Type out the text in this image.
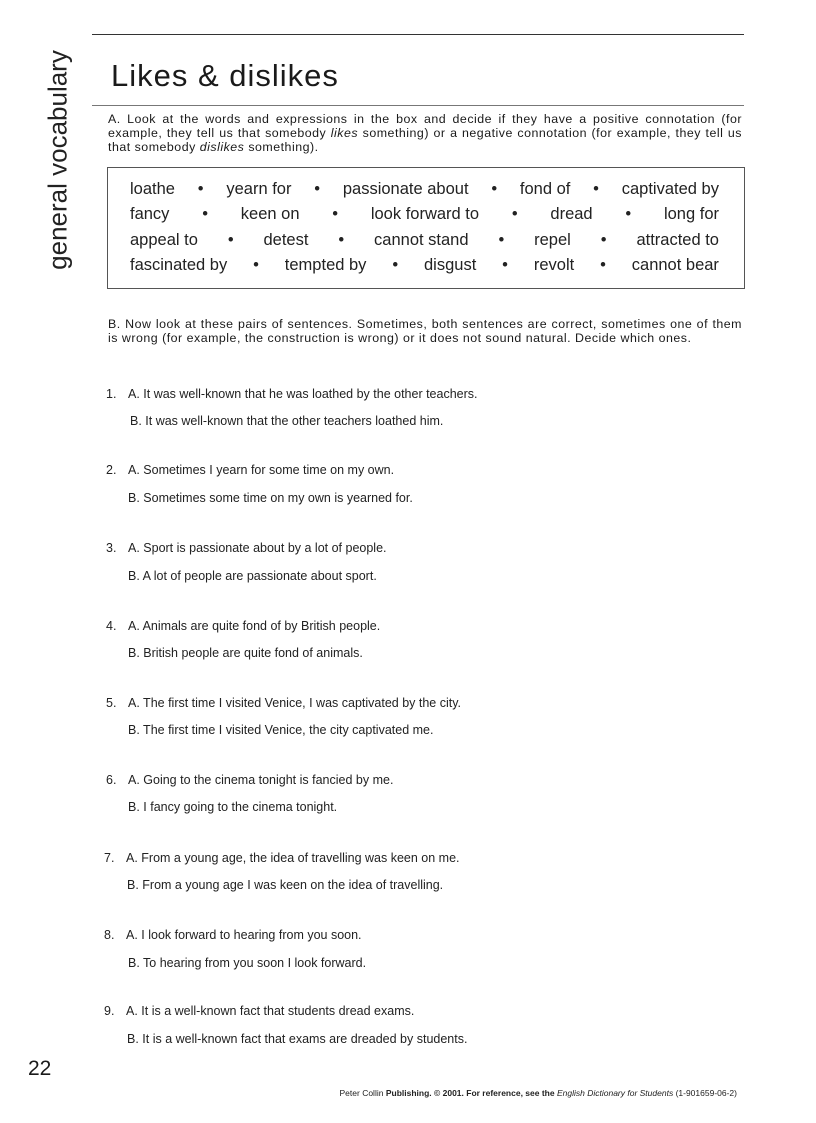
general vocabulary Likes & dislikes

A. Look at the words and expressions in the box and decide if they have a positive connotation (for example, they tell us that somebody likes something) or a negative connotation (for example, they tell us that somebody dislikes something).

loathe • yearn for • passionate about • fond of • captivated by
fancy • keen on • look forward to • dread • long for
appeal to • detest • cannot stand • repel • attracted to
fascinated by • tempted by • disgust • revolt • cannot bear

B. Now look at these pairs of sentences. Sometimes, both sentences are correct, sometimes one of them is wrong (for example, the construction is wrong) or it does not sound natural. Decide which ones.

1. A. It was well-known that he was loathed by the other teachers.
B. It was well-known that the other teachers loathed him.
2. A. Sometimes I yearn for some time on my own.
B. Sometimes some time on my own is yearned for.
3. A. Sport is passionate about by a lot of people.
B. A lot of people are passionate about sport.
4. A. Animals are quite fond of by British people.
B. British people are quite fond of animals.
5. A. The first time I visited Venice, I was captivated by the city.
B. The first time I visited Venice, the city captivated me.
6. A. Going to the cinema tonight is fancied by me.
B. I fancy going to the cinema tonight.
7. A. From a young age, the idea of travelling was keen on me.
B. From a young age I was keen on the idea of travelling.
8. A. I look forward to hearing from you soon.
B. To hearing from you soon I look forward.
9. A. It is a well-known fact that students dread exams.
B. It is a well-known fact that exams are dreaded by students.
22
Peter Collin Publishing. © 2001. For reference, see the English Dictionary for Students (1-901659-06-2)
